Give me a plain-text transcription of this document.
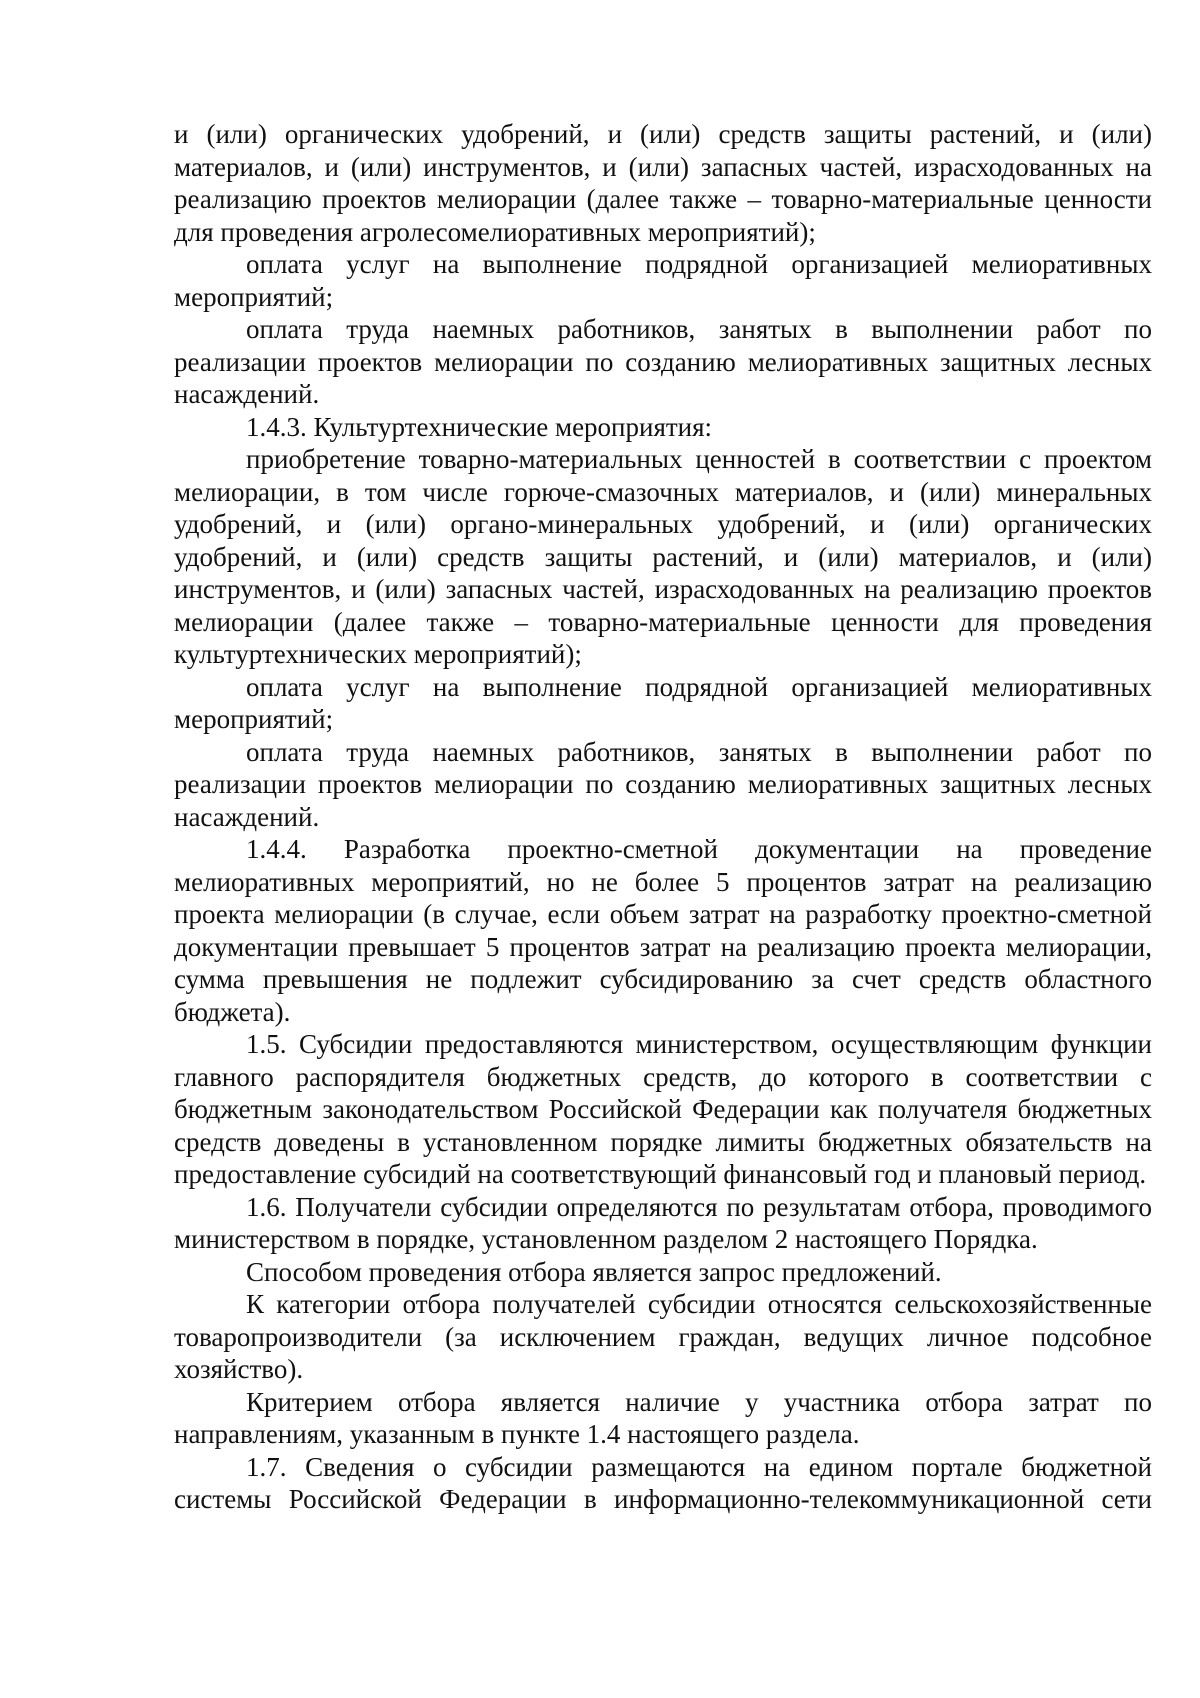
и (или) органических удобрений, и (или) средств защиты растений, и (или) материалов, и (или) инструментов, и (или) запасных частей, израсходованных на реализацию проектов мелиорации (далее также – товарно-материальные ценности для проведения агролесомелиоративных мероприятий);

оплата услуг на выполнение подрядной организацией мелиоративных мероприятий;

оплата труда наемных работников, занятых в выполнении работ по реализации проектов мелиорации по созданию мелиоративных защитных лесных насаждений.

1.4.3. Культуртехнические мероприятия:

приобретение товарно-материальных ценностей в соответствии с проектом мелиорации, в том числе горюче-смазочных материалов, и (или) минеральных удобрений, и (или) органо-минеральных удобрений, и (или) органических удобрений, и (или) средств защиты растений, и (или) материалов, и (или) инструментов, и (или) запасных частей, израсходованных на реализацию проектов мелиорации (далее также – товарно-материальные ценности для проведения культуртехнических мероприятий);

оплата услуг на выполнение подрядной организацией мелиоративных мероприятий;

оплата труда наемных работников, занятых в выполнении работ по реализации проектов мелиорации по созданию мелиоративных защитных лесных насаждений.

1.4.4. Разработка проектно-сметной документации на проведение мелиоративных мероприятий, но не более 5 процентов затрат на реализацию проекта мелиорации (в случае, если объем затрат на разработку проектно-сметной документации превышает 5 процентов затрат на реализацию проекта мелиорации, сумма превышения не подлежит субсидированию за счет средств областного бюджета).

1.5. Субсидии предоставляются министерством, осуществляющим функции главного распорядителя бюджетных средств, до которого в соответствии с бюджетным законодательством Российской Федерации как получателя бюджетных средств доведены в установленном порядке лимиты бюджетных обязательств на предоставление субсидий на соответствующий финансовый год и плановый период.

1.6. Получатели субсидии определяются по результатам отбора, проводимого министерством в порядке, установленном разделом 2 настоящего Порядка.

Способом проведения отбора является запрос предложений.

К категории отбора получателей субсидии относятся сельскохозяйственные товаропроизводители (за исключением граждан, ведущих личное подсобное хозяйство).

Критерием отбора является наличие у участника отбора затрат по направлениям, указанным в пункте 1.4 настоящего раздела.

1.7. Сведения о субсидии размещаются на едином портале бюджетной системы Российской Федерации в информационно-телекоммуникационной сети
